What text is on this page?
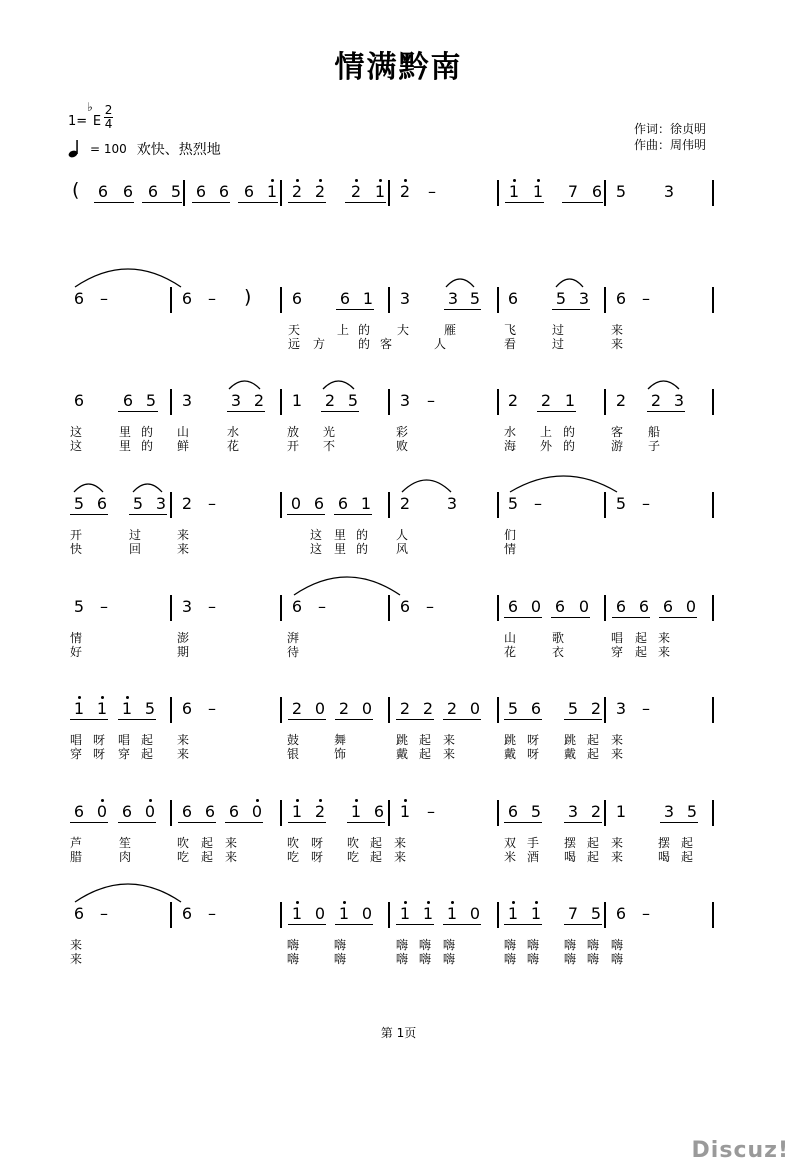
情满黔南
1=
♭
E
2
4
= 100 欢快、热烈地
作词：徐贞明
作曲：周伟明
( 6 6 6 5 6 6 6 1 2 2 2 1 2 –	1 1 7 6 5 3
)
6 –	6 –	6 6 1 3 3 5 6 5 3 6 –
天	上 的 大	雁	飞	过	来
远 方	的 客	人	看	过	来
6 6 5 3 3 2 1 2 5	3 –	2 2 1	2 2 3
这	里 的 山	水	放 光	彩	水 上 的	客 船
这	里 的 鲜	花	开 不	败	海 外 的	游 子
5 6 5 3 2 –	0 6 6 1 2 3	5 –	5 –
开	过	来	这 里 的 人	们
快	回	来	这 里 的 风	情
5 –	3 –	6 –	6 –	6 0 6 0 6 6 6 0
情	澎	湃	山	歌	唱 起 来
好	期	待	花	衣	穿 起 来
1 1 1 5 6 –	2 0 2 0 2 2 2 0 5 6 5 2 3 –
唱 呀 唱 起 来	鼓	舞	跳 起 来	跳 呀 跳 起 来
穿 呀 穿 起 来	银	饰	戴 起 来	戴 呀 戴 起 来
6 0 6 0 6 6 6 0 1 2 1 6 1 –	6 5 3 2 1 3 5
芦	笙	吹 起 来	吹 呀 吹 起 来	双 手 摆 起 来	摆 起
腊	肉	吃 起 来	吃 呀 吃 起 来	米 酒 喝 起 来	喝 起
6 –	6 –	1 0 1 0 1 1 1 0 1 1 7 5 6 –
来	嗨	嗨	嗨 嗨 嗨	嗨 嗨 嗨 嗨 嗨
来	嗨	嗨	嗨 嗨 嗨	嗨 嗨 嗨 嗨 嗨
第 1页
Discuz!
